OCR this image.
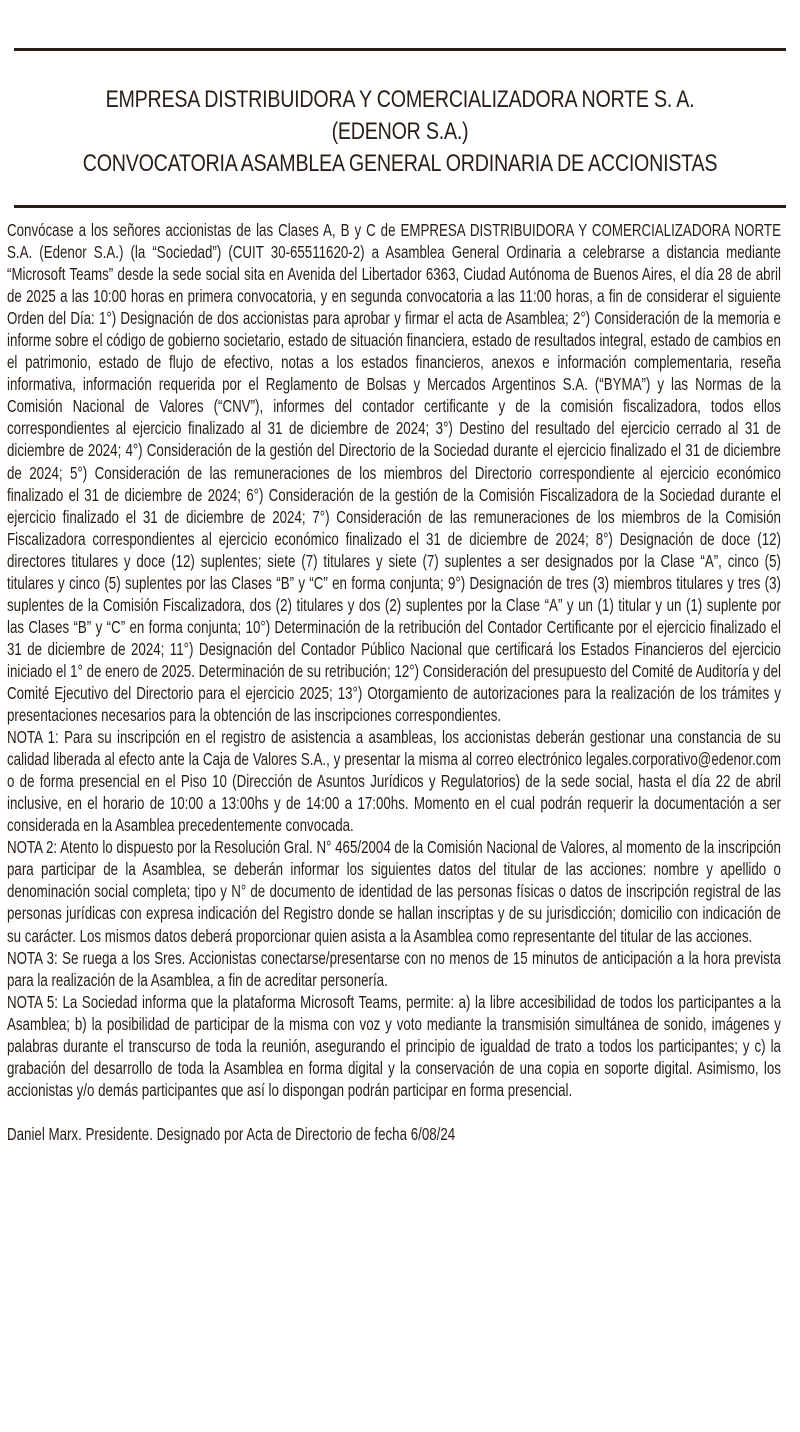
EMPRESA DISTRIBUIDORA Y COMERCIALIZADORA NORTE S. A.
(EDENOR S.A.)
CONVOCATORIA ASAMBLEA GENERAL ORDINARIA DE ACCIONISTAS

Convócase a los señores accionistas de las Clases A, B y C de EMPRESA DISTRIBUIDORA Y COMERCIALIZADORA NORTE S.A. (Edenor S.A.) (la “Sociedad”) (CUIT 30-65511620-2) a Asamblea General Ordinaria a celebrarse a distancia mediante “Microsoft Teams” desde la sede social sita en Avenida del Libertador 6363, Ciudad Autónoma de Buenos Aires, el día 28 de abril de 2025 a las 10:00 horas en primera convocatoria, y en segunda convocatoria a las 11:00 horas, a fin de considerar el siguiente Orden del Día: 1°) Designación de dos accionistas para aprobar y firmar el acta de Asamblea; 2°) Consideración de la memoria e informe sobre el código de gobierno societario, estado de situación financiera, estado de resultados integral, estado de cambios en el patrimonio, estado de flujo de efectivo, notas a los estados financieros, anexos e información complementaria, reseña informativa, información requerida por el Reglamento de Bolsas y Mercados Argentinos S.A. (“BYMA”) y las Normas de la Comisión Nacional de Valores (“CNV”), informes del contador certificante y de la comisión fiscalizadora, todos ellos correspondientes al ejercicio finalizado al 31 de diciembre de 2024; 3°) Destino del resultado del ejercicio cerrado al 31 de diciembre de 2024; 4°) Consideración de la gestión del Directorio de la Sociedad durante el ejercicio finalizado el 31 de diciembre de 2024; 5°) Consideración de las remuneraciones de los miembros del Directorio correspondiente al ejercicio económico finalizado el 31 de diciembre de 2024; 6°) Consideración de la gestión de la Comisión Fiscalizadora de la Sociedad durante el ejercicio finalizado el 31 de diciembre de 2024; 7°) Consideración de las remuneraciones de los miembros de la Comisión Fiscalizadora correspondientes al ejercicio económico finalizado el 31 de diciembre de 2024; 8°) Designación de doce (12) directores titulares y doce (12) suplentes; siete (7) titulares y siete (7) suplentes a ser designados por la Clase “A”, cinco (5) titulares y cinco (5) suplentes por las Clases “B” y “C” en forma conjunta; 9°) Designación de tres (3) miembros titulares y tres (3) suplentes de la Comisión Fiscalizadora, dos (2) titulares y dos (2) suplentes por la Clase “A” y un (1) titular y un (1) suplente por las Clases “B” y “C” en forma conjunta; 10°) Determinación de la retribución del Contador Certificante por el ejercicio finalizado el 31 de diciembre de 2024; 11°) Designación del Contador Público Nacional que certificará los Estados Financieros del ejercicio iniciado el 1° de enero de 2025. Determinación de su retribución; 12°) Consideración del presupuesto del Comité de Auditoría y del Comité Ejecutivo del Directorio para el ejercicio 2025; 13°) Otorgamiento de autorizaciones para la realización de los trámites y presentaciones necesarios para la obtención de las inscripciones correspondientes.

NOTA 1: Para su inscripción en el registro de asistencia a asambleas, los accionistas deberán gestionar una constancia de su calidad liberada al efecto ante la Caja de Valores S.A., y presentar la misma al correo electrónico legales.corporativo@edenor.com o de forma presencial en el Piso 10 (Dirección de Asuntos Jurídicos y Regulatorios) de la sede social, hasta el día 22 de abril inclusive, en el horario de 10:00 a 13:00hs y de 14:00 a 17:00hs. Momento en el cual podrán requerir la documentación a ser considerada en la Asamblea precedentemente convocada.

NOTA 2: Atento lo dispuesto por la Resolución Gral. N° 465/2004 de la Comisión Nacional de Valores, al momento de la inscripción para participar de la Asamblea, se deberán informar los siguientes datos del titular de las acciones: nombre y apellido o denominación social completa; tipo y N° de documento de identidad de las personas físicas o datos de inscripción registral de las personas jurídicas con expresa indicación del Registro donde se hallan inscriptas y de su jurisdicción; domicilio con indicación de su carácter. Los mismos datos deberá proporcionar quien asista a la Asamblea como representante del titular de las acciones.

NOTA 3: Se ruega a los Sres. Accionistas conectarse/presentarse con no menos de 15 minutos de anticipación a la hora prevista para la realización de la Asamblea, a fin de acreditar personería.

NOTA 5: La Sociedad informa que la plataforma Microsoft Teams, permite: a) la libre accesibilidad de todos los participantes a la Asamblea; b) la posibilidad de participar de la misma con voz y voto mediante la transmisión simultánea de sonido, imágenes y palabras durante el transcurso de toda la reunión, asegurando el principio de igualdad de trato a todos los participantes; y c) la grabación del desarrollo de toda la Asamblea en forma digital y la conservación de una copia en soporte digital. Asimismo, los accionistas y/o demás participantes que así lo dispongan podrán participar en forma presencial.

Daniel Marx. Presidente. Designado por Acta de Directorio de fecha 6/08/24
